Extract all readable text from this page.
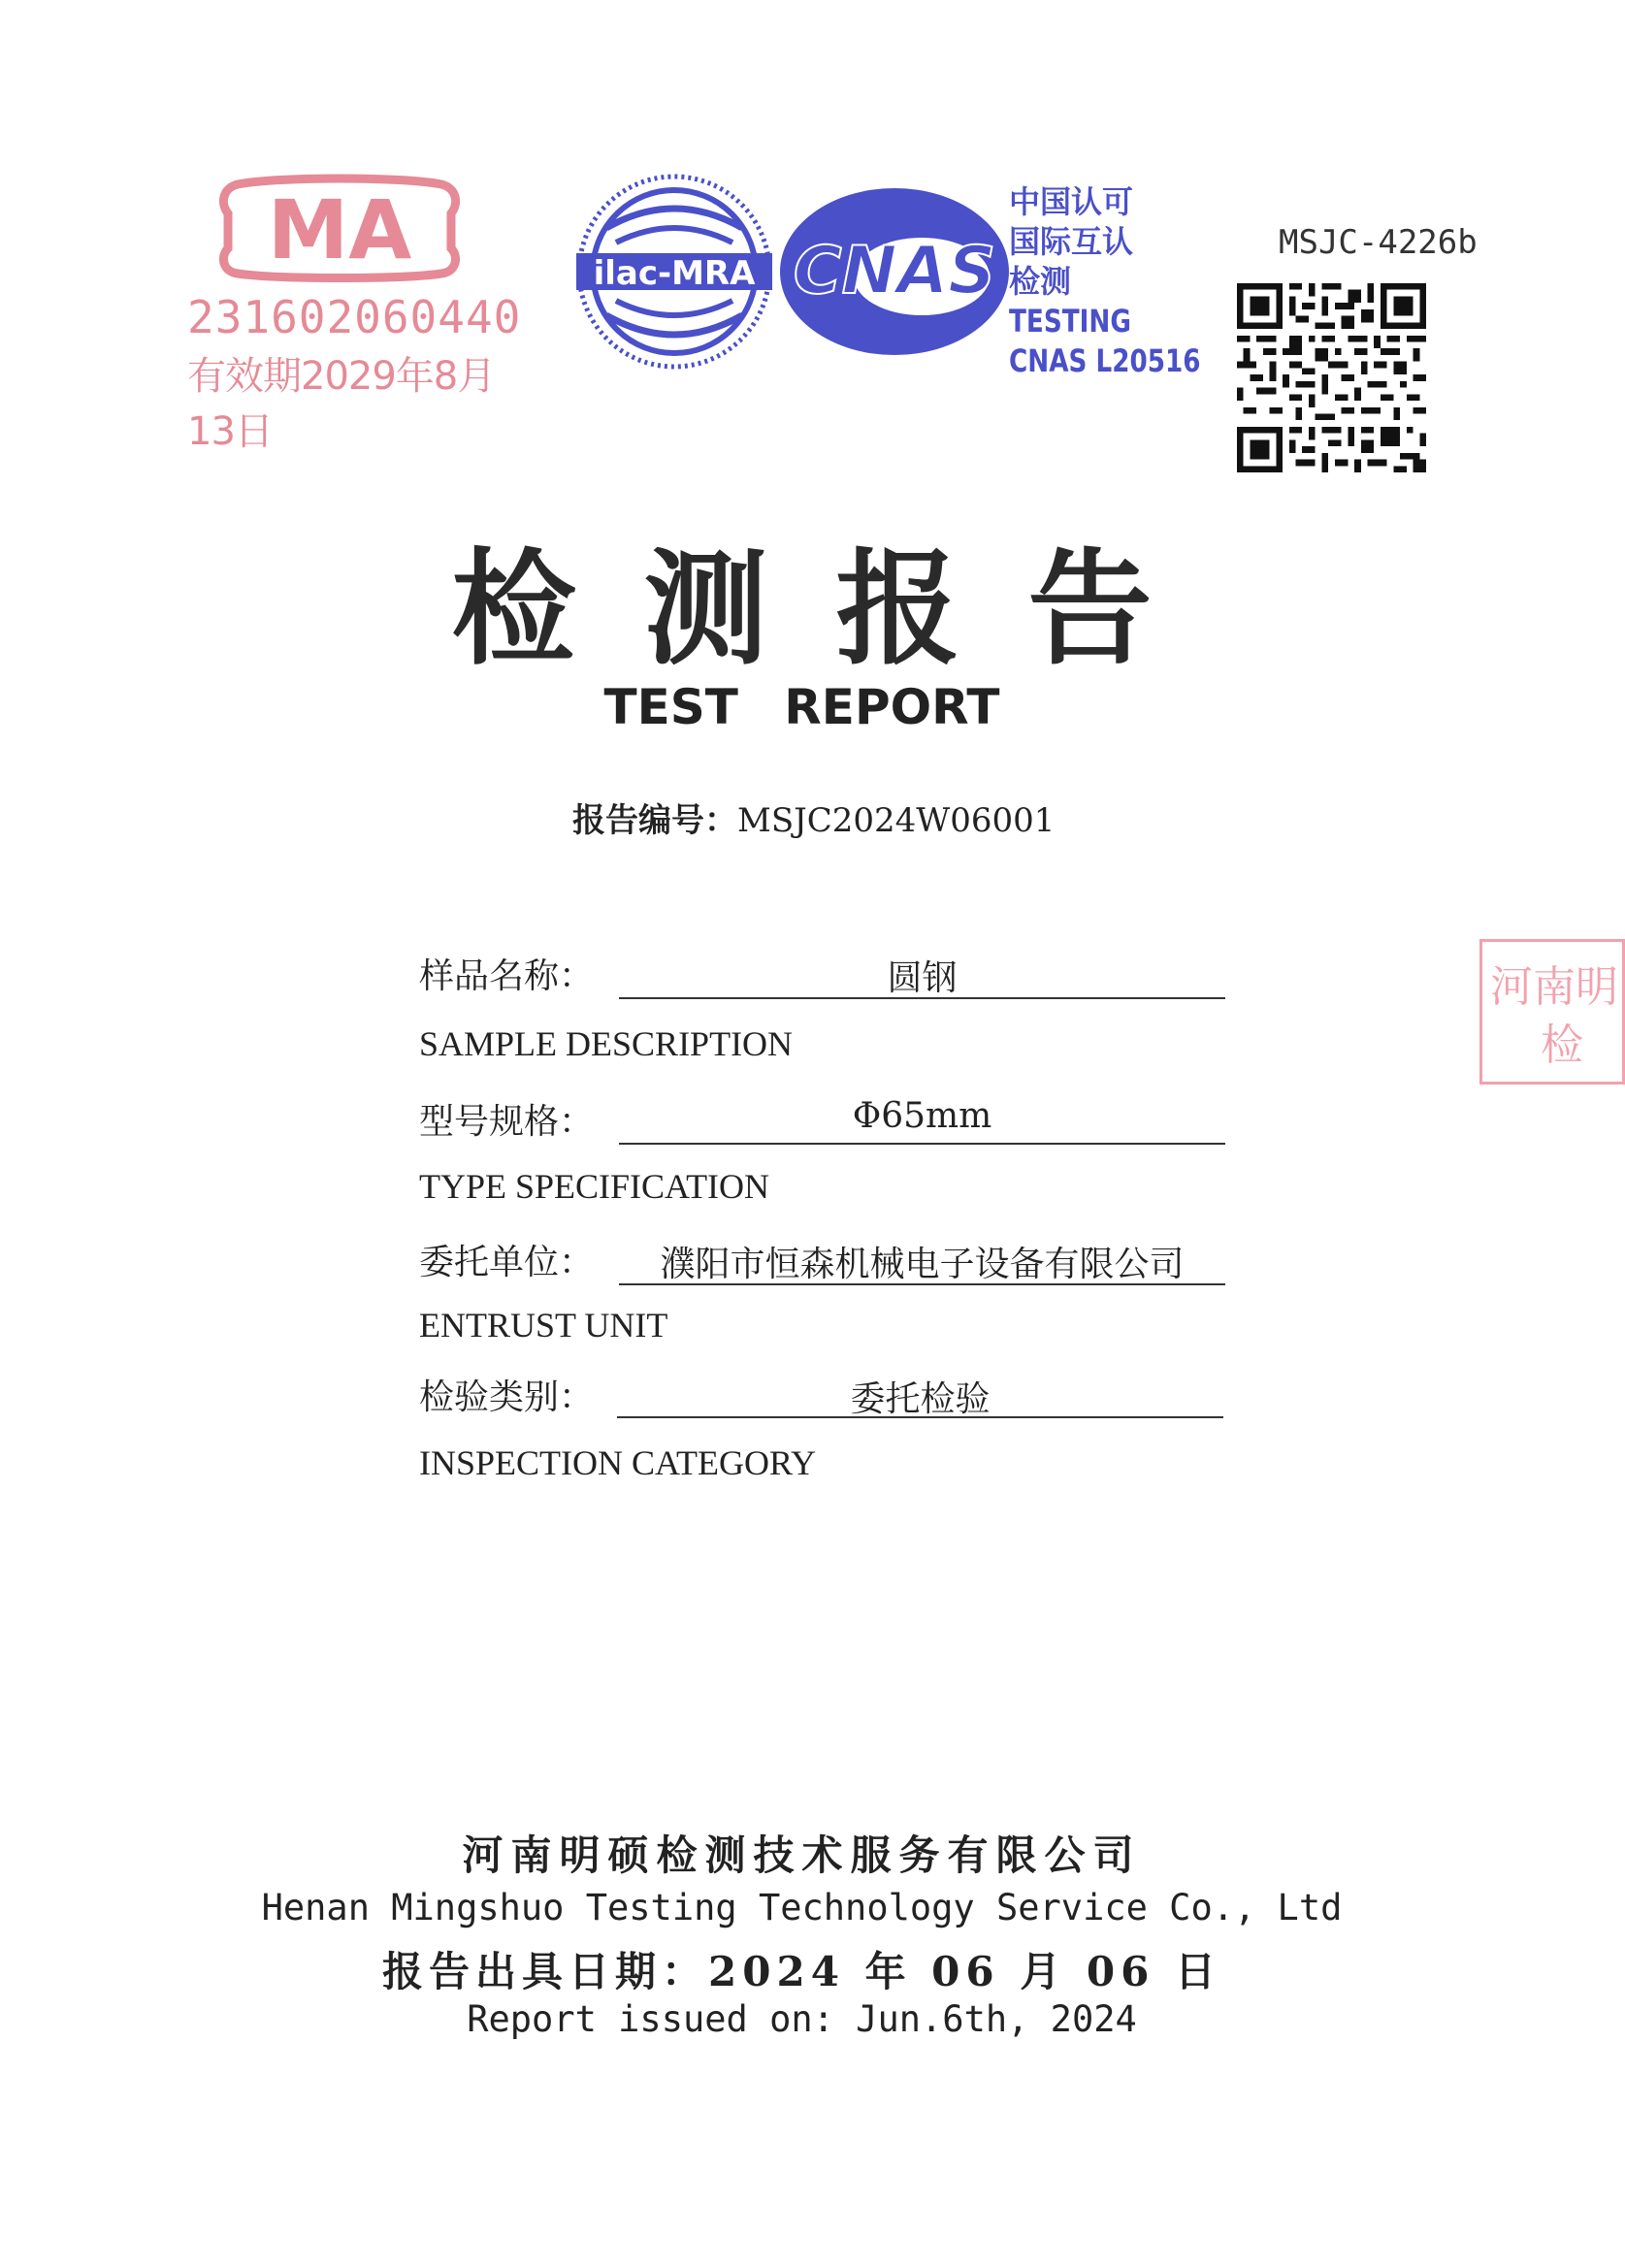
MA
231602060440
有效期2029年8月13日
ilac-MRA CNAS
中国认可
国际互认
检测
TESTING
CNAS L20516
MSJC-4226b
检测报告
TEST REPORT
报告编号：MSJC2024W06001
样品名称：	圆钢
SAMPLE DESCRIPTION
型号规格：	Φ65mm
TYPE SPECIFICATION
委托单位：	濮阳市恒森机械电子设备有限公司
ENTRUST UNIT
检验类别：	委托检验
INSPECTION CATEGORY
河南明
检
河南明硕检测技术服务有限公司
Henan Mingshuo Testing Technology Service Co., Ltd
报告出具日期：2024 年 06 月 06 日
Report issued on: Jun.6th, 2024
